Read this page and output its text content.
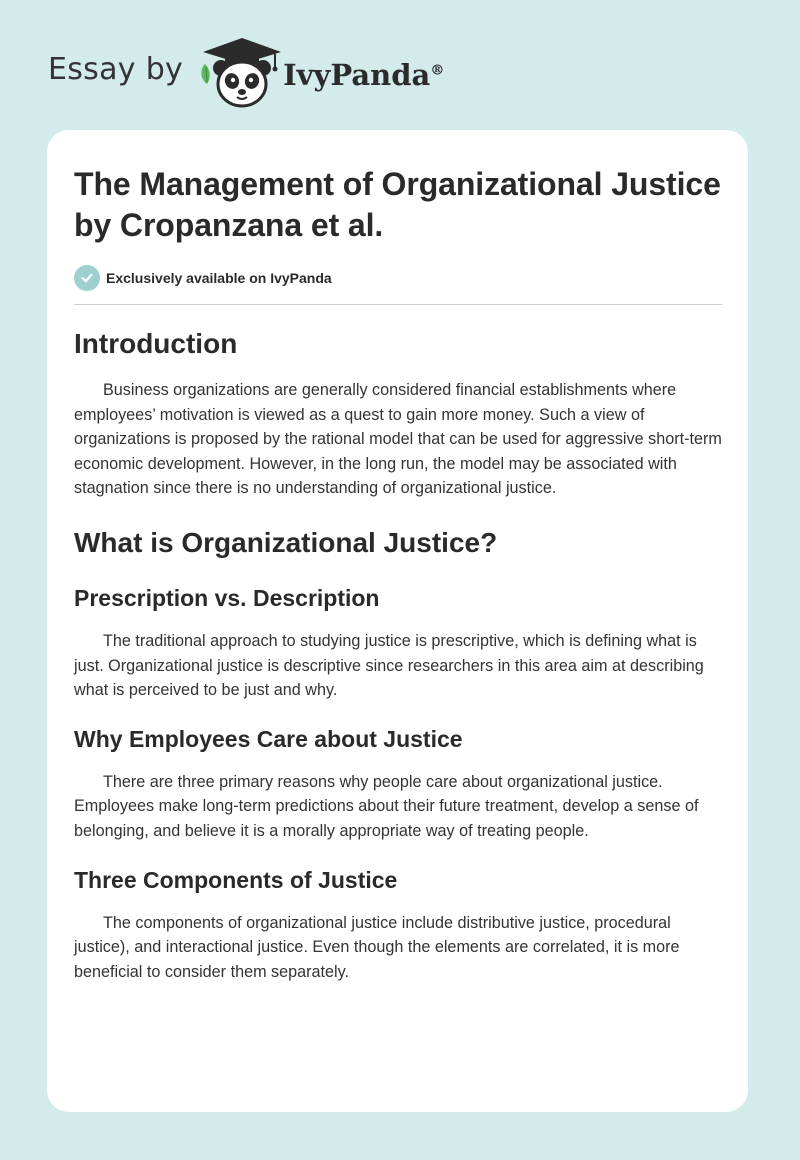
Essay by	IvyPanda®
The Management of Organizational Justice by Cropanzana et al.
Exclusively available on IvyPanda
Introduction

Business organizations are generally considered financial establishments where employees’ motivation is viewed as a quest to gain more money. Such a view of organizations is proposed by the rational model that can be used for aggressive short-term economic development. However, in the long run, the model may be associated with stagnation since there is no understanding of organizational justice.

What is Organizational Justice?
Prescription vs. Description

The traditional approach to studying justice is prescriptive, which is defining what is just. Organizational justice is descriptive since researchers in this area aim at describing what is perceived to be just and why.

Why Employees Care about Justice

There are three primary reasons why people care about organizational justice. Employees make long-term predictions about their future treatment, develop a sense of belonging, and believe it is a morally appropriate way of treating people.

Three Components of Justice

The components of organizational justice include distributive justice, procedural justice), and interactional justice. Even though the elements are correlated, it is more beneficial to consider them separately.
